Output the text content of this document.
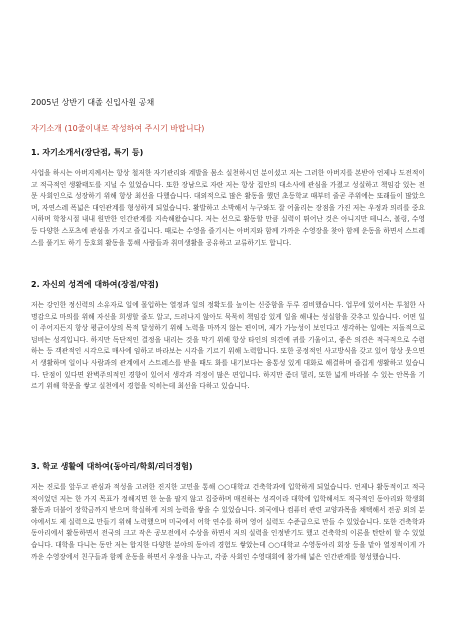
2005년 상반기 대졸 신입사원 공채

자기소개 (10줄이내로 작성하여 주시기 바랍니다)

1. 자기소개서(장단점, 특기 등)

사업을 하시는 아버지께서는 항상 철저한 자기관리와 계발을 몸소 실천하시던 분이셨고 저는 그러한 아버지를 본받아 언제나 도전적이고 적극적인 생활태도를 지닐 수 있었습니다. 또한 장남으로 자란 저는 항상 집안의 대소사에 관심을 가졌고 성실하고 책임감 있는 전문 사회인으로 성장하기 위해 항상 최선을 다했습니다. 대외적으로 많은 활동을 했던 초등학교 때부터 줄곧 주위에는 또래들이 많았으며, 자연스레 폭넓은 대인관계를 형성하게 되었습니다. 활발하고 소박해서 누구와도 잘 어울리는 장점을 가진 저는 우정과 의리를 중요시하며 학창시절 내내 원만한 인간관계를 지속해왔습니다. 저는 선으로 활동할 만큼 실력이 뛰어난 것은 아니지만 테니스, 볼링, 수영 등 다양한 스포츠에 관심을 가지고 즐깁니다. 때로는 수영을 즐기시는 아버지와 함께 가까운 수영장을 찾아 함께 운동을 하면서 스트레스를 풀기도 하기 등호회 활동을 통해 사람들과 취미생활을 공유하고 교류하기도 합니다.

2. 자신의 성격에 대하여(장점/약점)

저는 강인한 정신력의 소유자로 일에 몰입하는 열정과 일의 정확도를 높이는 신중함을 두루 겸비했습니다. 업무에 있어서는 투철한 사명감으로 마의를 위해 자신을 희생할 줄도 알고, 드러나지 않아도 묵묵히 책임감 있게 일을 해내는 성실함을 갖추고 있습니다. 어떤 일이 주어지든지 항상 평균이상의 목적 달성하기 위해 노력을 마까지 않는 편이며, 제가 가능성이 보인다고 생각하는 일에는 저돌적으로 덤비는 성격입니다. 하지만 독단적인 결정을 내리는 것을 막기 위해 항상 타인의 의견에 귀를 기울이고, 좋은 의견은 적극적으로 수렴하는 등 객관적인 시각으로 매사에 임하고 바라보는 시각을 기르기 위해 노력합니다. 또한 공정적인 사고방식을 갖고 있어 항상 웃으면서 생활하며 일이나 사람과의 관계에서 스트레스를 받을 때도 화를 내기보다는 융통성 있게 대화로 해결하며 즐겁게 생활하고 있습니다. 단점이 있다면 완벽주의적인 경향이 있어서 생각과 걱정이 많은 편입니다. 하지만 좀더 멀리, 또한 넓게 바라볼 수 있는 안목을 기르기 위해 학문을 쌓고 실천에서 경험을 익히는데 최선을 다하고 있습니다.

3. 학교 생활에 대하여(동아리/학회/리더경험)

저는 진로를 앞두고 관심과 적성을 고려한 진지한 고민을 통해 ○○대학교 건축학과에 입학하게 되었습니다. 언제나 활동적이고 적극적이었던 저는 한 가지 목표가 정해지면 한 눈을 팔지 않고 집중하며 매진하는 성격이라 대학에 입학해서도 적극적인 동아리와 학생회 활동과 더불어 장학금까지 받으며 학실하게 저의 능력을 쌓을 수 있었습니다. 외국에나 컴퓨터 관련 교양과목을 채택해서 전공 외의 분야에서도 제 실력으로 만들기 위해 노력했으며 미국에서 어학 연수를 하며 영어 실력도 수준급으로 만들 수 있었습니다. 또한 건축학과 동아리에서 활동하면서 전국의 크고 작은 공모전에서 수상을 하면서 저의 실력을 인정받기도 했고 건축학의 이론을 탄탄히 할 수 있었습니다. 대학을 다니는 동안 저는 합지한 다양한 분야의 동아리 경험도 쌓았는데 ○○대학교 수영동아리 회장 등을 맡아 열정적이게 가까운 수영장에서 친구들과 함께 운동을 하면서 우정을 나누고, 각종 사회인 수영대회에 참가해 넓은 인간관계를 형성했습니다.
